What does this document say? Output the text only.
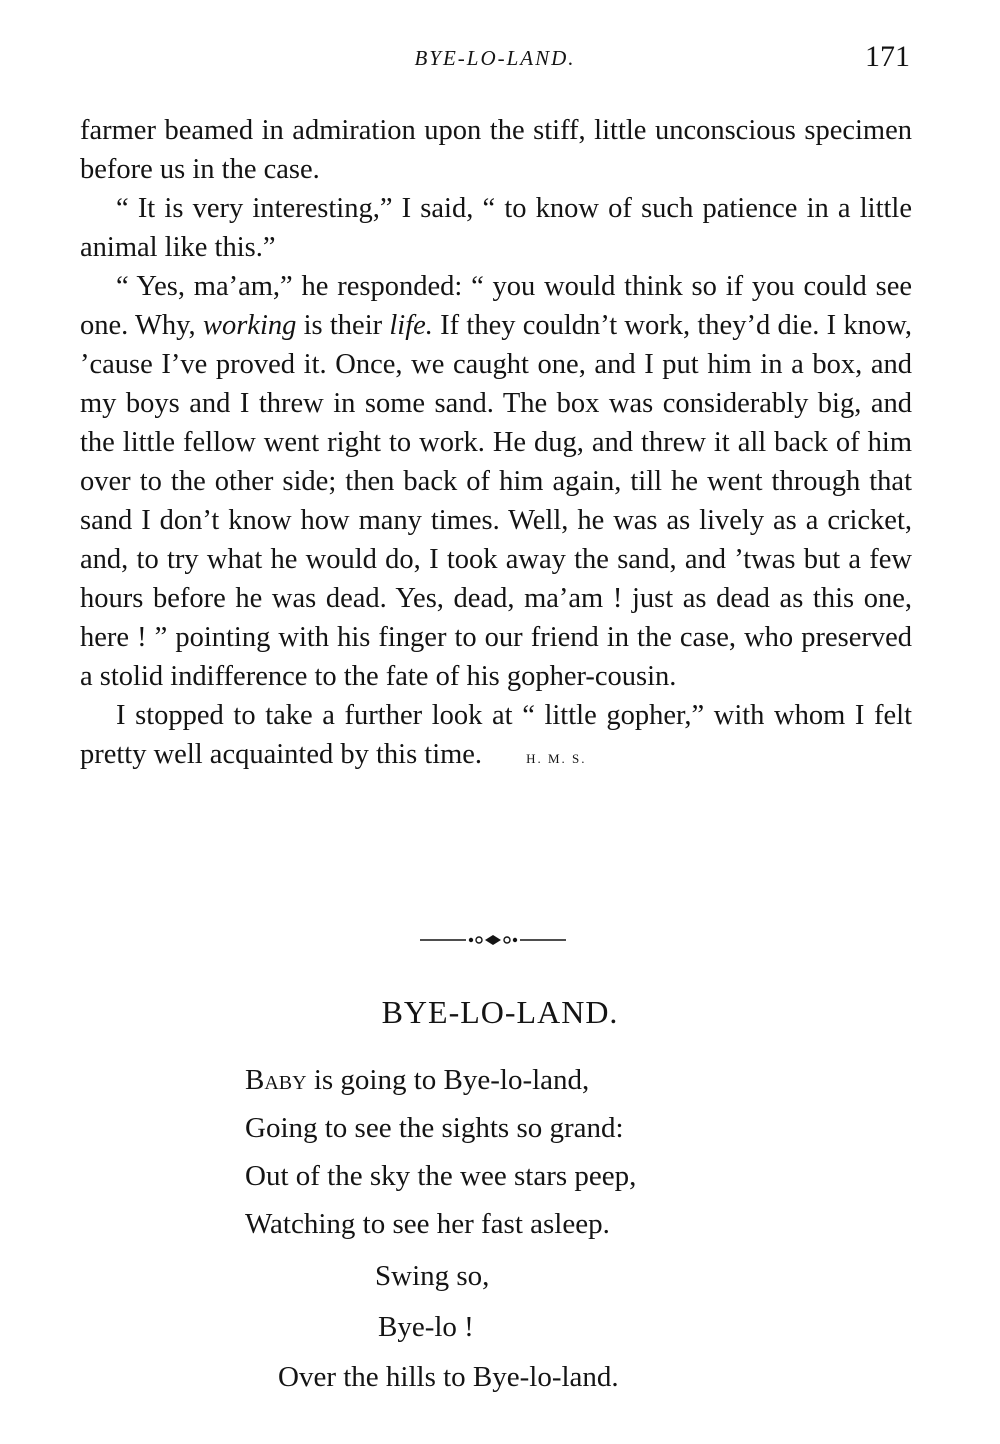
BYE-LO-LAND.	171

farmer beamed in admiration upon the stiff, little unconscious specimen before us in the case.

“ It is very interesting,” I said, “ to know of such patience in a little animal like this.”

“ Yes, ma’am,” he responded: “ you would think so if you could see one. Why, working is their life. If they couldn’t work, they’d die. I know, ’cause I’ve proved it. Once, we caught one, and I put him in a box, and my boys and I threw in some sand. The box was considerably big, and the little fellow went right to work. He dug, and threw it all back of him over to the other side; then back of him again, till he went through that sand I don’t know how many times. Well, he was as lively as a cricket, and, to try what he would do, I took away the sand, and ’twas but a few hours before he was dead. Yes, dead, ma’am ! just as dead as this one, here ! ” pointing with his finger to our friend in the case, who preserved a stolid indifference to the fate of his gopher-cousin.

I stopped to take a further look at “ little gopher,” with whom I felt pretty well acquainted by this time.	H. M. S.

BYE-LO-LAND.
Baby is going to Bye-lo-land,
Going to see the sights so grand:
Out of the sky the wee stars peep,
Watching to see her fast asleep.
Swing so,
Bye-lo !
Over the hills to Bye-lo-land.
